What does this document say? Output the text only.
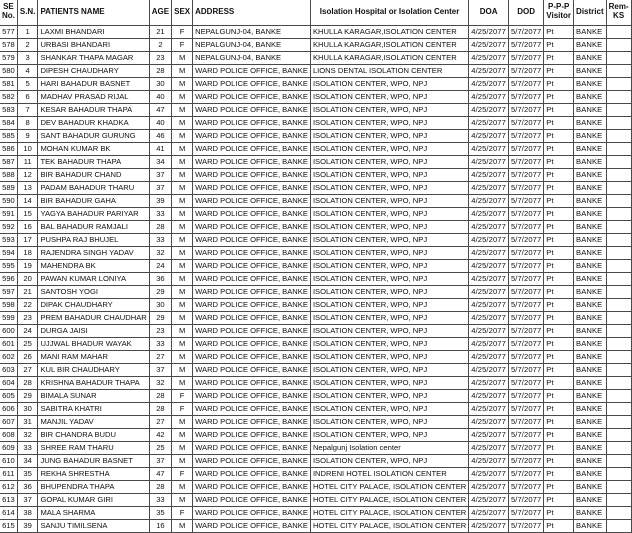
SE No.	S.N.	PATIENTS NAME	AGE	SEX	ADDRESS	Isolation Hospital or Isolation Center	DOA	DOD	P-P-P Visitor	District	Rem-KS
577	1	LAXMI BHANDARI	21	F	NEPALGUNJ-04, BANKE	KHULLA KARAGAR,ISOLATION CENTER	4/25/2077	5/7/2077	Pt	BANKE	
578	2	URBASI BHANDARI	2	F	NEPALGUNJ-04, BANKE	KHULLA KARAGAR,ISOLATION CENTER	4/25/2077	5/7/2077	Pt	BANKE	
579	3	SHANKAR THAPA MAGAR	23	M	NEPALGUNJ-04, BANKE	KHULLA KARAGAR,ISOLATION CENTER	4/25/2077	5/7/2077	Pt	BANKE	
580	4	DIPESH CHAUDHARY	28	M	WARD POLICE OFFICE, BANKE	LIONS DENTAL ISOLATION CENTER	4/25/2077	5/7/2077	Pt	BANKE	
581	5	HARI BAHADUR BASNET	30	M	WARD POLICE OFFICE, BANKE	ISOLATION CENTER, WPO, NPJ	4/25/2077	5/7/2077	Pt	BANKE	
582	6	MADHAV PRASAD RIJAL	40	M	WARD POLICE OFFICE, BANKE	ISOLATION CENTER, WPO, NPJ	4/25/2077	5/7/2077	Pt	BANKE	
583	7	KESAR BAHADUR THAPA	47	M	WARD POLICE OFFICE, BANKE	ISOLATION CENTER, WPO, NPJ	4/25/2077	5/7/2077	Pt	BANKE	
584	8	DEV BAHADUR KHADKA	40	M	WARD POLICE OFFICE, BANKE	ISOLATION CENTER, WPO, NPJ	4/25/2077	5/7/2077	Pt	BANKE	
585	9	SANT BAHADUR GURUNG	46	M	WARD POLICE OFFICE, BANKE	ISOLATION CENTER, WPO, NPJ	4/25/2077	5/7/2077	Pt	BANKE	
586	10	MOHAN KUMAR BK	41	M	WARD POLICE OFFICE, BANKE	ISOLATION CENTER, WPO, NPJ	4/25/2077	5/7/2077	Pt	BANKE	
587	11	TEK BAHADUR THAPA	34	M	WARD POLICE OFFICE, BANKE	ISOLATION CENTER, WPO, NPJ	4/25/2077	5/7/2077	Pt	BANKE	
588	12	BIR BAHADUR CHAND	37	M	WARD POLICE OFFICE, BANKE	ISOLATION CENTER, WPO, NPJ	4/25/2077	5/7/2077	Pt	BANKE	
589	13	PADAM BAHADUR THARU	37	M	WARD POLICE OFFICE, BANKE	ISOLATION CENTER, WPO, NPJ	4/25/2077	5/7/2077	Pt	BANKE	
590	14	BIR BAHADUR GAHA	39	M	WARD POLICE OFFICE, BANKE	ISOLATION CENTER, WPO, NPJ	4/25/2077	5/7/2077	Pt	BANKE	
591	15	YAGYA BAHADUR PARIYAR	33	M	WARD POLICE OFFICE, BANKE	ISOLATION CENTER, WPO, NPJ	4/25/2077	5/7/2077	Pt	BANKE	
592	16	BAL BAHADUR RAMJALI	28	M	WARD POLICE OFFICE, BANKE	ISOLATION CENTER, WPO, NPJ	4/25/2077	5/7/2077	Pt	BANKE	
593	17	PUSHPA RAJ BHUJEL	33	M	WARD POLICE OFFICE, BANKE	ISOLATION CENTER, WPO, NPJ	4/25/2077	5/7/2077	Pt	BANKE	
594	18	RAJENDRA SINGH YADAV	32	M	WARD POLICE OFFICE, BANKE	ISOLATION CENTER, WPO, NPJ	4/25/2077	5/7/2077	Pt	BANKE	
595	19	MAHENDRA BK	24	M	WARD POLICE OFFICE, BANKE	ISOLATION CENTER, WPO, NPJ	4/25/2077	5/7/2077	Pt	BANKE	
596	20	PAWAN KUMAR LONIYA	36	M	WARD POLICE OFFICE, BANKE	ISOLATION CENTER, WPO, NPJ	4/25/2077	5/7/2077	Pt	BANKE	
597	21	SANTOSH YOGI	29	M	WARD POLICE OFFICE, BANKE	ISOLATION CENTER, WPO, NPJ	4/25/2077	5/7/2077	Pt	BANKE	
598	22	DIPAK CHAUDHARY	30	M	WARD POLICE OFFICE, BANKE	ISOLATION CENTER, WPO, NPJ	4/25/2077	5/7/2077	Pt	BANKE	
599	23	PREM BAHADUR CHAUDHAR	29	M	WARD POLICE OFFICE, BANKE	ISOLATION CENTER, WPO, NPJ	4/25/2077	5/7/2077	Pt	BANKE	
600	24	DURGA JAISI	23	M	WARD POLICE OFFICE, BANKE	ISOLATION CENTER, WPO, NPJ	4/25/2077	5/7/2077	Pt	BANKE	
601	25	UJJWAL BHADUR WAYAK	33	M	WARD POLICE OFFICE, BANKE	ISOLATION CENTER, WPO, NPJ	4/25/2077	5/7/2077	Pt	BANKE	
602	26	MANI RAM MAHAR	27	M	WARD POLICE OFFICE, BANKE	ISOLATION CENTER, WPO, NPJ	4/25/2077	5/7/2077	Pt	BANKE	
603	27	KUL BIR CHAUDHARY	37	M	WARD POLICE OFFICE, BANKE	ISOLATION CENTER, WPO, NPJ	4/25/2077	5/7/2077	Pt	BANKE	
604	28	KRISHNA BAHADUR THAPA	32	M	WARD POLICE OFFICE, BANKE	ISOLATION CENTER, WPO, NPJ	4/25/2077	5/7/2077	Pt	BANKE	
605	29	BIMALA SUNAR	28	F	WARD POLICE OFFICE, BANKE	ISOLATION CENTER, WPO, NPJ	4/25/2077	5/7/2077	Pt	BANKE	
606	30	SABITRA KHATRI	28	F	WARD POLICE OFFICE, BANKE	ISOLATION CENTER, WPO, NPJ	4/25/2077	5/7/2077	Pt	BANKE	
607	31	MANJIL YADAV	27	M	WARD POLICE OFFICE, BANKE	ISOLATION CENTER, WPO, NPJ	4/25/2077	5/7/2077	Pt	BANKE	
608	32	BIR CHANDRA BUDU	42	M	WARD POLICE OFFICE, BANKE	ISOLATION CENTER, WPO, NPJ	4/25/2077	5/7/2077	Pt	BANKE	
609	33	SHREE RAM THARU	25	M	WARD POLICE OFFICE, BANKE	Nepalgunj Isolation center	4/25/2077	5/7/2077	Pt	BANKE	
610	34	JUNG BAHADUR BASNET	37	M	WARD POLICE OFFICE, BANKE	ISOLATION CENTER, WPO, NPJ	4/25/2077	5/7/2077	Pt	BANKE	
611	35	REKHA SHRESTHA	47	F	WARD POLICE OFFICE, BANKE	INDRENI HOTEL ISOLATION CENTER	4/25/2077	5/7/2077	Pt	BANKE	
612	36	BHUPENDRA THAPA	28	M	WARD POLICE OFFICE, BANKE	HOTEL CITY PALACE, ISOLATION CENTER	4/25/2077	5/7/2077	Pt	BANKE	
613	37	GOPAL KUMAR GIRI	33	M	WARD POLICE OFFICE, BANKE	HOTEL CITY PALACE, ISOLATION CENTER	4/25/2077	5/7/2077	Pt	BANKE	
614	38	MALA SHARMA	35	F	WARD POLICE OFFICE, BANKE	HOTEL CITY PALACE, ISOLATION CENTER	4/25/2077	5/7/2077	Pt	BANKE	
615	39	SANJU TIMILSENA	16	M	WARD POLICE OFFICE, BANKE	HOTEL CITY PALACE, ISOLATION CENTER	4/25/2077	5/7/2077	Pt	BANKE	
